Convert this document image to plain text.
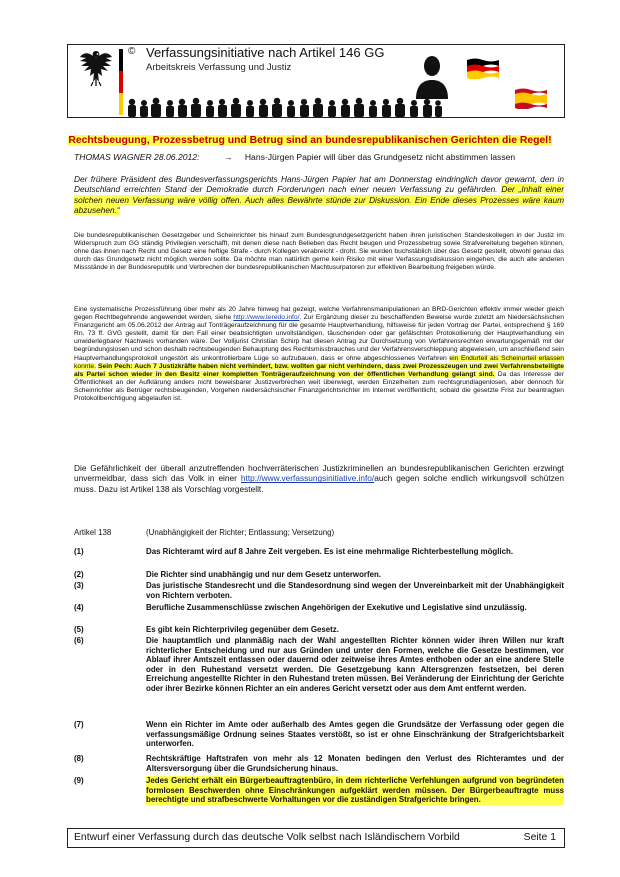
© Verfassungsinitiative nach Artikel 146 GG
Arbeitskreis Verfassung und Justiz
Rechtsbeugung, Prozessbetrug und Betrug sind an bundesrepublikanischen Gerichten die Regel!
THOMAS WAGNER 28.06.2012:	→ Hans-Jürgen Papier will über das Grundgesetz nicht abstimmen lassen
Der frühere Präsident des Bundesverfassungsgerichts Hans-Jürgen Papier hat am Donnerstag eindringlich davor gewarnt, den in Deutschland erreichten Stand der Demokratie durch Forderungen nach einer neuen Verfassung zu gefährden. Der „Inhalt einer solchen neuen Verfassung wäre völlig offen. Auch alles Bewährte stünde zur Diskussion. Ein Ende dieses Prozesses wäre kaum abzusehen.“

Die bundesrepublikanischen Gesetzgeber und Scheinrichter bis hinauf zum Bundesgrundgesetzgericht haben ihren juristischen Standeskollegen in der Justiz im Widerspruch zum GG ständig Privilegien verschafft, mit denen diese nach Belieben das Recht beugen und Prozessbetrug sowie Strafvereitelung begehen können, ohne das ihnen nach Recht und Gesetz eine heftige Strafe - durch Kollegen verabreicht - droht. Sie wurden buchstäblich über das Gesetz gestellt, obwohl genau das durch das Grundgesetz nicht möglich werden sollte. Da möchte man natürlich gerne kein Risiko mit einer Verfassungsdiskussion eingehen, die auch alle anderen Missstände in der Bundesrepublik und Verbrechen der bundesrepublikanischen Machtusurpatoren zur effektiven Bearbeitung freigeben würde.

Eine systematische Prozessführung über mehr als 20 Jahre hinweg hat gezeigt, welche Verfahrensmanipulationen an BRD-Gerichten effektiv immer wieder gleich gegen Rechtbegehrende angewendet werden, siehe http://www.teredo.info/. Zur Ergänzung dieser zu beschaffenden Beweise wurde zuletzt am Niedersächsischen Finanzgericht am 05.06.2012 der Antrag auf Tonträgeraufzeichnung für die gesamte Hauptverhandlung, hilfsweise für jeden Vortrag der Partei, entsprechend § 169 Rn. 73 ff. GVG gestellt, damit für den Fall einer beabsichtigten unvollständigen, täuschenden oder gar gefälschten Protokollierung der Hauptverhandlung ein unwiderlegbarer Nachweis vorhanden wäre. Der Volljurist Christian Schirp hat diesen Antrag zur Durchsetzung von Verfahrensrechten erwartungsgemäß mit der begründungslosen und schon deshalb rechtsbeugenden Behauptung des Rechtsmissbrauches und der Verfahrensverschleppung abgewiesen, um anschließend sein Hauptverhandlungsprotokoll ungestört als unkontrollierbare Lüge so aufzubauen, dass er ohne abgeschlossenes Verfahren ein Endurteil als Scheinurteil erlassen konnte. Sein Pech: Auch 7 Justizkräfte haben nicht verhindert, bzw. wollten gar nicht verhindern, dass zwei Prozesszeugen und zwei Verfahrensbeteiligte als Partei schon wieder in den Besitz einer kompletten Tonträgeraufzeichnung von der öffentlichen Verhandlung gelangt sind. Da das Interesse der Öffentlichkeit an der Aufklärung anders nicht beweisbarer Justizverbrechen weit überwiegt, werden Einzelheiten zum rechtsgrundlagenlosen, aber dennoch für Scheinrichter als Betrüger rechtsbeugenden, Vorgehen niedersächsischer Finanzgerichtsrichter im Internet veröffentlicht, sobald die gesetzte Frist zur beantragten Protokollberichtigung abgelaufen ist.

Die Gefährlichkeit der überall anzutreffenden hochverräterischen Justizkriminellen an bundesrepublikanischen Gerichten erzwingt unvermeidbar, dass sich das Volk in einer http://www.verfassungsinitiative.info/auch gegen solche endlich wirkungsvoll schützen muss. Dazu ist Artikel 138 als Vorschlag vorgestellt.
Artikel 138	(Unabhängigkeit der Richter; Entlassung; Versetzung)
(1)	Das Richteramt wird auf 8 Jahre Zeit vergeben. Es ist eine mehrmalige Richterbestellung möglich.
(2)	Die Richter sind unabhängig und nur dem Gesetz unterworfen.
(3)	Das juristische Standesrecht und die Standesordnung sind wegen der Unvereinbarkeit mit der Unabhängigkeit von Richtern verboten.
(4)	Berufliche Zusammenschlüsse zwischen Angehörigen der Exekutive und Legislative sind unzulässig.
(5)	Es gibt kein Richterprivileg gegenüber dem Gesetz.
(6)	Die hauptamtlich und planmäßig nach der Wahl angestellten Richter können wider ihren Willen nur kraft richterlicher Entscheidung und nur aus Gründen und unter den Formen, welche die Gesetze bestimmen, vor Ablauf ihrer Amtszeit entlassen oder dauernd oder zeitweise ihres Amtes enthoben oder an eine andere Stelle oder in den Ruhestand versetzt werden. Die Gesetzgebung kann Altersgrenzen festsetzen, bei deren Erreichung angestellte Richter in den Ruhestand treten müssen. Bei Veränderung der Einrichtung der Gerichte oder ihrer Bezirke können Richter an ein anderes Gericht versetzt oder aus dem Amt entfernt werden.
(7)	Wenn ein Richter im Amte oder außerhalb des Amtes gegen die Grundsätze der Verfassung oder gegen die verfassungsmäßige Ordnung seines Staates verstößt, so ist er ohne Einschränkung der Strafgerichtsbarkeit unterworfen.
(8)	Rechtskräftige Haftstrafen von mehr als 12 Monaten bedingen den Verlust des Richteramtes und der Altersversorgung über die Grundsicherung hinaus.
(9)	Jedes Gericht erhält ein Bürgerbeauftragtenbüro, in dem richterliche Verfehlungen aufgrund von begründeten formlosen Beschwerden ohne Einschränkungen aufgeklärt werden müssen. Der Bürgerbeauftragte muss berechtigte und strafbeschwerte Vorhaltungen vor die zuständigen Strafgerichte bringen.
Entwurf einer Verfassung durch das deutsche Volk selbst nach Isländischem Vorbild	Seite 1
